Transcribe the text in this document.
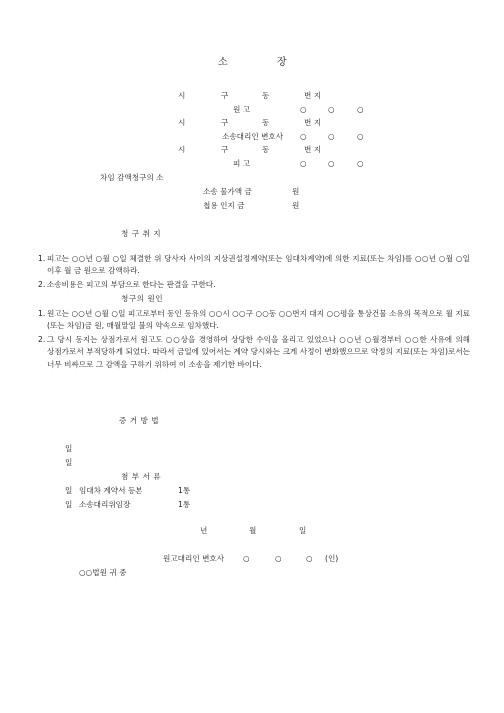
소	장
시	구	동	번 지
원 고	○	○	○
시	구	동	번 지
소송대리인 변호사 ○	○	○
시	구	동	번 지
피 고	○	○	○
차임 감액청구의 소
소송 물가액 금	원
첩용 인지 금	원
청 구 취 지
1. 피고는 ○○년 ○월 ○일 체결한 위 당사자 사이의 지상권설정계약(또는 임대차계약)에 의한 지료(또는 차임)를 ○○년 ○월 ○일 이후 월 금 원으로 감액하라.
2. 소송비용은 피고의 부담으로 한다는 판결을 구한다.
청구의 원인
1. 원고는 ○○년 ○월 ○일 피고로부터 동인 등유의 ○○시 ○○구 ○○동 ○○번지 대지 ○○평을 통상건물 소유의 목적으로 월 지료(또는 차임)금 원, 매월말일 불의 약속으로 임차했다.
2. 그 당시 동지는 상점가로서 원고도 ○○상을 경영하여 상당한 수익을 올리고 있었으나 ○○년 ○월경부터 ○○한 사유에 의해 상점가로서 부적당하게 되었다. 따라서 금일에 있어서는 계약 당시와는 크게 사정이 변화했으므로 약정의 지료(또는 차임)로서는 너무 비싸므로 그 감액을 구하기 위하여 이 소송을 제기한 바이다.
증 거 방 법
일
일
첨 부 서 류
일 임대차 계약서 등본	1통
일 소송대리위임장	1통
년	월	일
원고대리인 변호사 ○	○	○ (인)
○○법원 귀 중
